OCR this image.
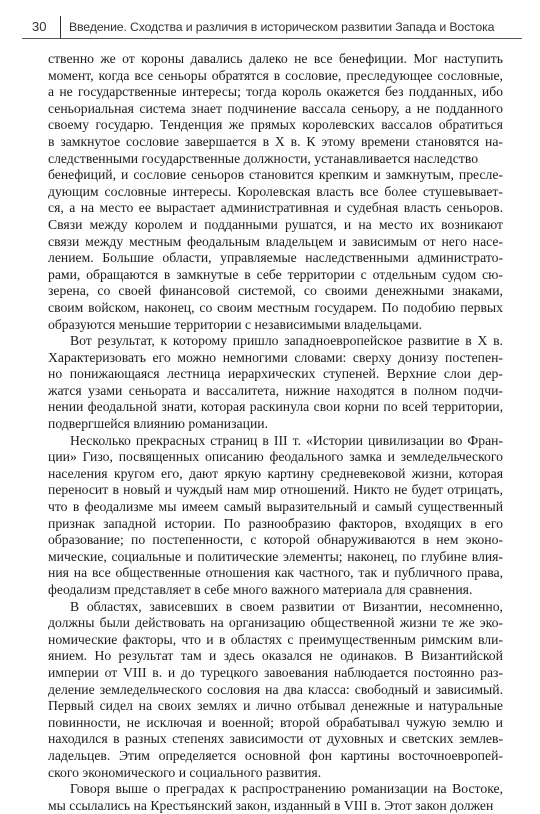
30 Введение. Сходства и различия в историческом развитии Запада и Востока

ственно же от короны давались далеко не все бенефиции. Мог наступить
момент, когда все сеньоры обратятся в сословие, преследующее сословные,
а не государственные интересы; тогда король окажется без подданных, ибо
сеньориальная система знает подчинение вассала сеньору, а не подданного
своему государю. Тенденция же прямых королевских вассалов обратиться
в замкнутое сословие завершается в X в. К этому времени становятся на-
следственными государственные должности, устанавливается наследство
бенефиций, и сословие сеньоров становится крепким и замкнутым, пресле-
дующим сословные интересы. Королевская власть все более стушевывает-
ся, а на место ее вырастает административная и судебная власть сеньоров.
Связи между королем и подданными рушатся, и на место их возникают
связи между местным феодальным владельцем и зависимым от него насе-
лением. Большие области, управляемые наследственными администрато-
рами, обращаются в замкнутые в себе территории с отдельным судом сю-
зерена, со своей финансовой системой, со своими денежными знаками,
своим войском, наконец, со своим местным государем. По подобию первых
образуются меньшие территории с независимыми владельцами.

Вот результат, к которому пришло западноевропейское развитие в X в.
Характеризовать его можно немногими словами: сверху донизу постепен-
но понижающаяся лестница иерархических ступеней. Верхние слои дер-
жатся узами сеньората и вассалитета, нижние находятся в полном подчи-
нении феодальной знати, которая раскинула свои корни по всей территории,
подвергшейся влиянию романизации.

Несколько прекрасных страниц в III т. «Истории цивилизации во Фран-
ции» Гизо, посвященных описанию феодального замка и земледельческого
населения кругом его, дают яркую картину средневековой жизни, которая
переносит в новый и чуждый нам мир отношений. Никто не будет отрицать,
что в феодализме мы имеем самый выразительный и самый существенный
признак западной истории. По разнообразию факторов, входящих в его
образование; по постепенности, с которой обнаруживаются в нем эконо-
мические, социальные и политические элементы; наконец, по глубине влия-
ния на все общественные отношения как частного, так и публичного права,
феодализм представляет в себе много важного материала для сравнения.

В областях, зависевших в своем развитии от Византии, несомненно,
должны были действовать на организацию общественной жизни те же эко-
номические факторы, что и в областях с преимущественным римским вли-
янием. Но результат там и здесь оказался не одинаков. В Византийской
империи от VIII в. и до турецкого завоевания наблюдается постоянно раз-
деление земледельческого сословия на два класса: свободный и зависимый.
Первый сидел на своих землях и лично отбывал денежные и натуральные
повинности, не исключая и военной; второй обрабатывал чужую землю и
находился в разных степенях зависимости от духовных и светских землев-
ладельцев. Этим определяется основной фон картины восточноевропей-
ского экономического и социального развития.

Говоря выше о преградах к распространению романизации на Востоке,
мы ссылались на Крестьянский закон, изданный в VIII в. Этот закон должен
